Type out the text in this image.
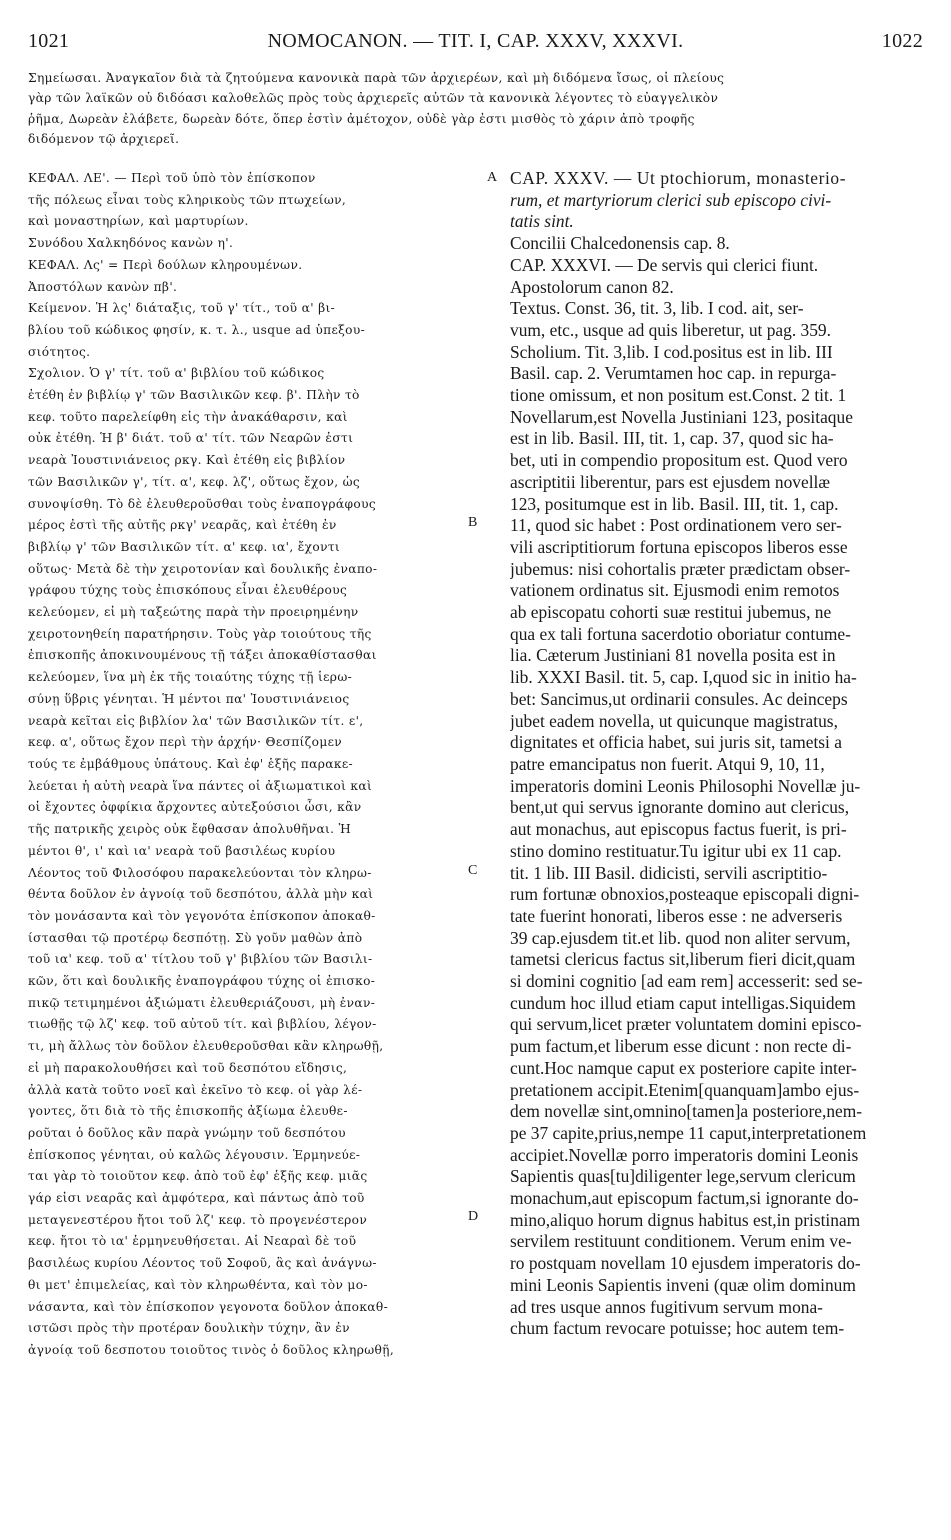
1021	NOMOCANON. — TIT. I, CAP. XXXV, XXXVI.	1022
Σημείωσαι. Ἀναγκαῖον διὰ τὰ ζητούμενα κανονικὰ παρὰ τῶν ἀρχιερέων, καὶ μὴ διδόμενα ἴσως, οἱ πλείους
γὰρ τῶν λαϊκῶν οὐ διδόασι καλοθελῶς πρὸς τοὺς ἀρχιερεῖς αὐτῶν τὰ κανονικὰ λέγοντες τὸ εὐαγγελικὸν
ῥῆμα, Δωρεὰν ἐλάβετε, δωρεὰν δότε, ὅπερ ἐστὶν ἀμέτοχον, οὐδὲ γὰρ ἐστι μισθὸς τὸ χάριν ἀπὸ τροφῆς
διδόμενον τῷ ἀρχιερεῖ.
ΚΕΦΑΛ. ΛΕ'. — Περὶ τοῦ ὑπὸ τὸν ἐπίσκοπον
τῆς πόλεως εἶναι τοὺς κληρικοὺς τῶν πτωχείων,
καὶ μοναστηρίων, καὶ μαρτυρίων.
Συνόδου Χαλκηδόνος κανὼν η'.
ΚΕΦΑΛ. Λς' = Περὶ δούλων κληρουμένων.
Ἀποστόλων κανὼν πβ'.
Κείμενον. Ἡ λς' διάταξις, τοῦ γ' τίτ., τοῦ α' βι-
βλίου τοῦ κώδικος φησίν, κ. τ. λ., usque ad ὑπεξου-
σιότητος.
Σχολιον. Ὁ γ' τίτ. τοῦ α' βιβλίου τοῦ κώδικος
ἐτέθη ἐν βιβλίῳ γ' τῶν Βασιλικῶν κεφ. β'. Πλὴν τὸ
κεφ. τοῦτο παρελείφθη εἰς τὴν ἀνακάθαρσιν, καὶ
οὐκ ἐτέθη. Ἡ β' διάτ. τοῦ α' τίτ. τῶν Νεαρῶν ἐστι
νεαρὰ Ἰουστινιάνειος ρκγ. Καὶ ἐτέθη εἰς βιβλίον
τῶν Βασιλικῶν γ', τίτ. α', κεφ. λζ', οὕτως ἔχον, ὡς
συνοψίσθη. Τὸ δὲ ἐλευθεροῦσθαι τοὺς ἐναπογράφους
μέρος ἐστὶ τῆς αὐτῆς ρκγ' νεαρᾶς, καὶ ἐτέθη ἐν
βιβλίῳ γ' τῶν Βασιλικῶν τίτ. α' κεφ. ια', ἔχοντι
οὕτως· Μετὰ δὲ τὴν χειροτονίαν καὶ δουλικῆς ἐναπο-
γράφου τύχης τοὺς ἐπισκόπους εἶναι ἐλευθέρους
κελεύομεν, εἰ μὴ ταξεώτης παρὰ τὴν προειρημένην
χειροτονηθείη παρατήρησιν. Τοὺς γὰρ τοιούτους τῆς
ἐπισκοπῆς ἀποκινουμένους τῇ τάξει ἀποκαθίστασθαι
κελεύομεν, ἵνα μὴ ἐκ τῆς τοιαύτης τύχης τῇ ἱερω-
σύνῃ ὕβρις γένηται. Ἡ μέντοι πα' Ἰουστινιάνειος
νεαρὰ κεῖται εἰς βιβλίον λα' τῶν Βασιλικῶν τίτ. ε',
κεφ. α', οὕτως ἔχον περὶ τὴν ἀρχήν· Θεσπίζομεν
τούς τε ἐμβάθμους ὑπάτους. Καὶ ἐφ' ἑξῆς παρακε-
λεύεται ἡ αὐτὴ νεαρὰ ἵνα πάντες οἱ ἀξιωματικοὶ καὶ
οἱ ἔχοντες ὀφφίκια ἄρχοντες αὐτεξούσιοι ὦσι, κἂν
τῆς πατρικῆς χειρὸς οὐκ ἔφθασαν ἀπολυθῆναι. Ἡ
μέντοι θ', ι' καὶ ια' νεαρὰ τοῦ βασιλέως κυρίου
Λέοντος τοῦ Φιλοσόφου παρακελεύονται τὸν κληρω-
θέντα δοῦλον ἐν ἀγνοίᾳ τοῦ δεσπότου, ἀλλὰ μὴν καὶ
τὸν μονάσαντα καὶ τὸν γεγονότα ἐπίσκοπον ἀποκαθ-
ίστασθαι τῷ προτέρῳ δεσπότῃ. Σὺ γοῦν μαθὼν ἀπὸ
τοῦ ια' κεφ. τοῦ α' τίτλου τοῦ γ' βιβλίου τῶν Βασιλι-
κῶν, ὅτι καὶ δουλικῆς ἐναπογράφου τύχης οἱ ἐπισκο-
πικῷ τετιμημένοι ἀξιώματι ἐλευθεριάζουσι, μὴ ἐναν-
τιωθῇς τῷ λζ' κεφ. τοῦ αὐτοῦ τίτ. καὶ βιβλίου, λέγον-
τι, μὴ ἄλλως τὸν δοῦλον ἐλευθεροῦσθαι κἂν κληρωθῇ,
εἰ μὴ παρακολουθήσει καὶ τοῦ δεσπότου εἴδησις,
ἀλλὰ κατὰ τοῦτο νοεῖ καὶ ἐκεῖνο τὸ κεφ. οἱ γὰρ λέ-
γοντες, ὅτι διὰ τὸ τῆς ἐπισκοπῆς ἀξίωμα ἐλευθε-
ροῦται ὁ δοῦλος κἂν παρὰ γνώμην τοῦ δεσπότου
ἐπίσκοπος γένηται, οὐ καλῶς λέγουσιν. Ἑρμηνεύε-
ται γὰρ τὸ τοιοῦτον κεφ. ἀπὸ τοῦ ἐφ' ἑξῆς κεφ. μιᾶς
γάρ εἰσι νεαρᾶς καὶ ἀμφότερα, καὶ πάντως ἀπὸ τοῦ
μεταγενεστέρου ἤτοι τοῦ λζ' κεφ. τὸ προγενέστερον
κεφ. ἤτοι τὸ ια' ἑρμηνευθήσεται. Αἱ Νεαραὶ δὲ τοῦ
βασιλέως κυρίου Λέοντος τοῦ Σοφοῦ, ἃς καὶ ἀνάγνω-
θι μετ' ἐπιμελείας, καὶ τὸν κληρωθέντα, καὶ τὸν μο-
νάσαντα, καὶ τὸν ἐπίσκοπον γεγονοτα δοῦλον ἀποκαθ-
ιστῶσι πρὸς τὴν προτέραν δουλικὴν τύχην, ἂν ἐν
ἀγνοίᾳ τοῦ δεσποτου τοιοῦτος τινὸς ὁ δοῦλος κληρωθῇ,
CAP. XXXV. — Ut ptochiorum, monasterio-
rum, et martyriorum clerici sub episcopo civi-
tatis sint.
Concilii Chalcedonensis cap. 8.
CAP. XXXVI. — De servis qui clerici fiunt.
Apostolorum canon 82.
Textus. Const. 36, tit. 3, lib. I cod. ait, ser-
vum, etc., usque ad quis liberetur, ut pag. 359.
Scholium. Tit. 3,lib. I cod.positus est in lib. III
Basil. cap. 2. Verumtamen hoc cap. in repurga-
tione omissum, et non positum est.Const. 2 tit. 1
Novellarum,est Novella Justiniani 123, positaque
est in lib. Basil. III, tit. 1, cap. 37, quod sic ha-
bet, uti in compendio propositum est. Quod vero
ascriptitii liberentur, pars est ejusdem novellæ
123, positumque est in lib. Basil. III, tit. 1, cap.
11, quod sic habet : Post ordinationem vero ser-
vili ascriptitiorum fortuna episcopos liberos esse
jubemus: nisi cohortalis præter prædictam obser-
vationem ordinatus sit. Ejusmodi enim remotos
ab episcopatu cohorti suæ restitui jubemus, ne
qua ex tali fortuna sacerdotio oboriatur contume-
lia. Cæterum Justiniani 81 novella posita est in
lib. XXXI Basil. tit. 5, cap. I,quod sic in initio ha-
bet: Sancimus,ut ordinarii consules. Ac deinceps
jubet eadem novella, ut quicunque magistratus,
dignitates et officia habet, sui juris sit, tametsi a
patre emancipatus non fuerit. Atqui 9, 10, 11,
imperatoris domini Leonis Philosophi Novellæ ju-
bent,ut qui servus ignorante domino aut clericus,
aut monachus, aut episcopus factus fuerit, is pri-
stino domino restituatur.Tu igitur ubi ex 11 cap.
tit. 1 lib. III Basil. didicisti, servili ascriptitio-
rum fortunæ obnoxios,posteaque episcopali digni-
tate fuerint honorati, liberos esse : ne adverseris
39 cap.ejusdem tit.et lib. quod non aliter servum,
tametsi clericus factus sit,liberum fieri dicit,quam
si domini cognitio [ad eam rem] accesserit: sed se-
cundum hoc illud etiam caput intelligas.Siquidem
qui servum,licet præter voluntatem domini episco-
pum factum,et liberum esse dicunt : non recte di-
cunt.Hoc namque caput ex posteriore capite inter-
pretationem accipit.Etenim[quanquam]ambo ejus-
dem novellæ sint,omnino[tamen]a posteriore,nem-
pe 37 capite,prius,nempe 11 caput,interpretationem
accipiet.Novellæ porro imperatoris domini Leonis
Sapientis quas[tu]diligenter lege,servum clericum
monachum,aut episcopum factum,si ignorante do-
mino,aliquo horum dignus habitus est,in pristinam
servilem restituunt conditionem. Verum enim ve-
ro postquam novellam 10 ejusdem imperatoris do-
mini Leonis Sapientis inveni (quæ olim dominum
ad tres usque annos fugitivum servum mona-
chum factum revocare potuisse; hoc autem tem-
A
B
C
D
